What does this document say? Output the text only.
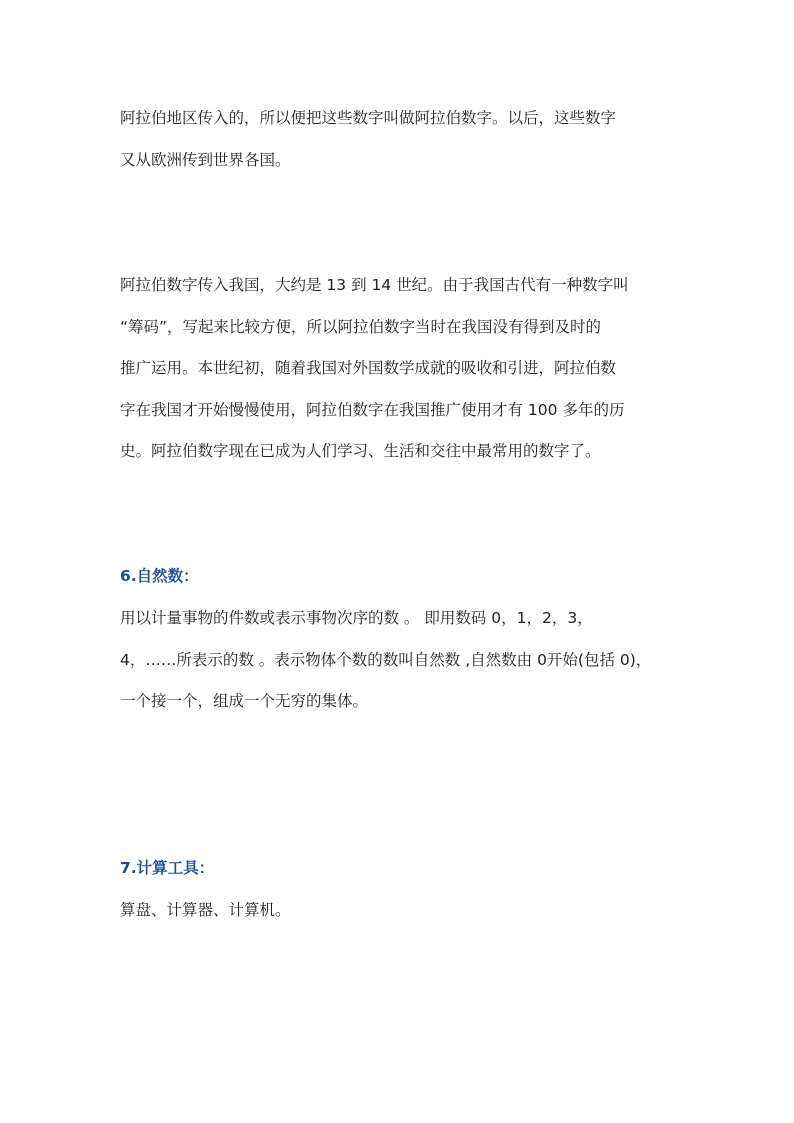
阿拉伯地区传入的，所以便把这些数字叫做阿拉伯数字。以后，这些数字
又从欧洲传到世界各国。
阿拉伯数字传入我国，大约是 13 到 14 世纪。由于我国古代有一种数字叫
“筹码”，写起来比较方便，所以阿拉伯数字当时在我国没有得到及时的
推广运用。本世纪初，随着我国对外国数学成就的吸收和引进，阿拉伯数
字在我国才开始慢慢使用，阿拉伯数字在我国推广使用才有 100 多年的历
史。阿拉伯数字现在已成为人们学习、生活和交往中最常用的数字了。
6.自然数：
用以计量事物的件数或表示事物次序的数 。 即用数码 0，1，2，3，
4，……所表示的数 。表示物体个数的数叫自然数 ,自然数由 0开始(包括 0)，
一个接一个，组成一个无穷的集体。
7.计算工具：
算盘、计算器、计算机。
